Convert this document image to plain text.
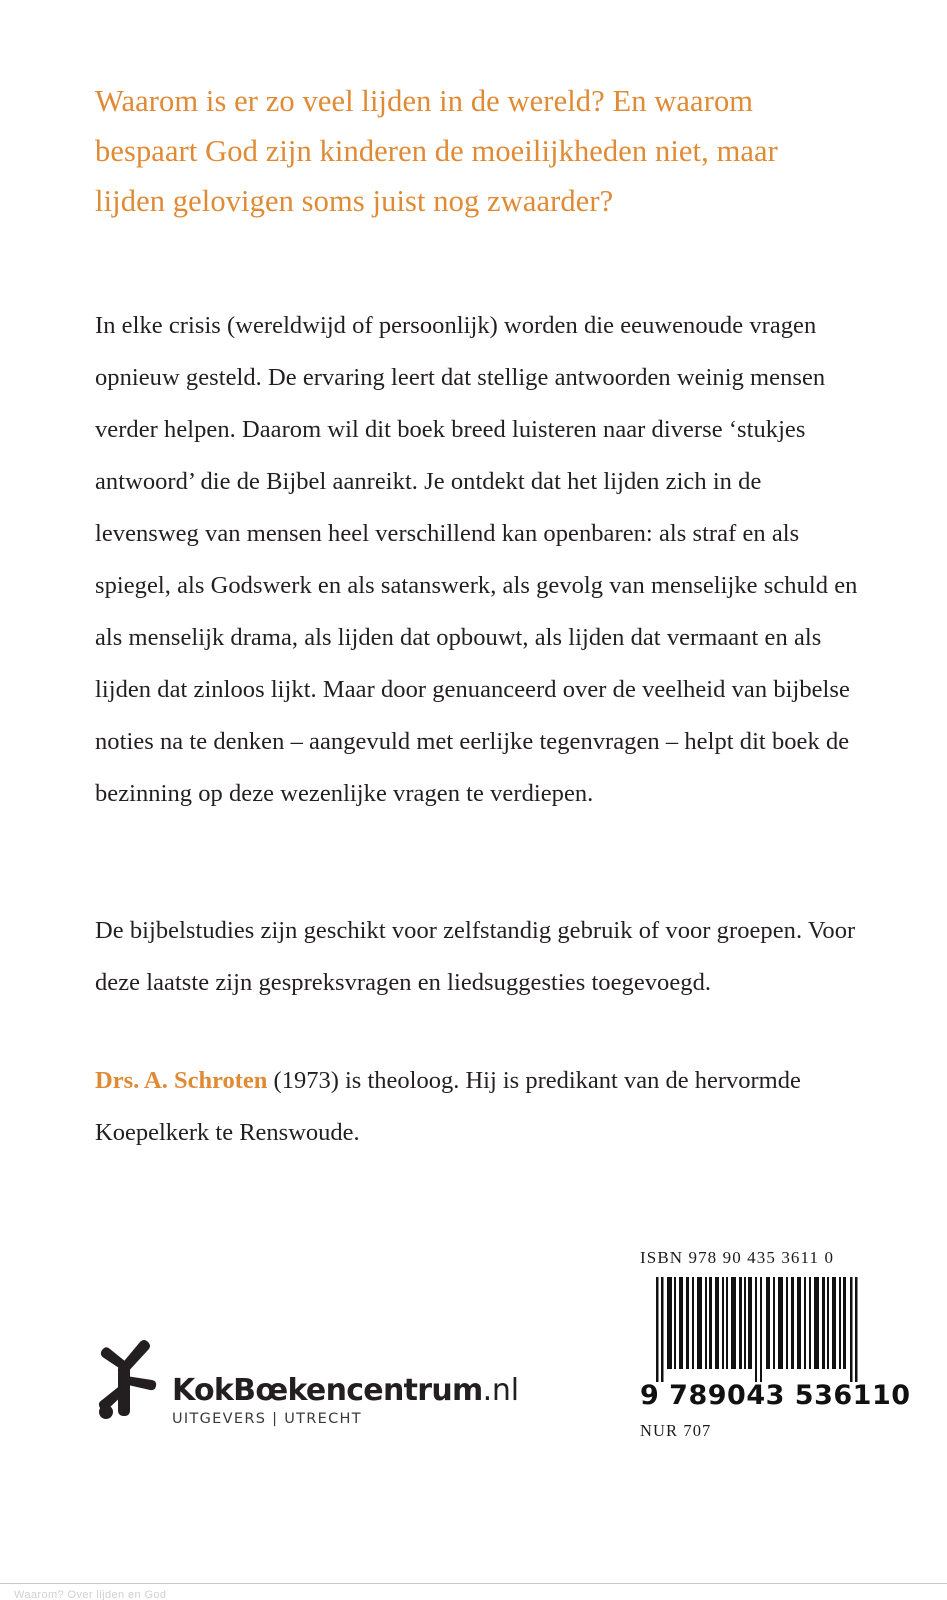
Waarom is er zo veel lijden in de wereld? En waarom bespaart God zijn kinderen de moeilijkheden niet, maar lijden gelovigen soms juist nog zwaarder?
In elke crisis (wereldwijd of persoonlijk) worden die eeuwenoude vragen opnieuw gesteld. De ervaring leert dat stellige antwoorden weinig mensen verder helpen. Daarom wil dit boek breed luisteren naar diverse ‘stukjes antwoord’ die de Bijbel aanreikt. Je ontdekt dat het lijden zich in de levensweg van mensen heel verschillend kan openbaren: als straf en als spiegel, als Godswerk en als satanswerk, als gevolg van menselijke schuld en als menselijk drama, als lijden dat opbouwt, als lijden dat vermaant en als lijden dat zinloos lijkt. Maar door genuanceerd over de veelheid van bijbelse noties na te denken – aangevuld met eerlijke tegenvragen – helpt dit boek de bezinning op deze wezenlijke vragen te verdiepen.
De bijbelstudies zijn geschikt voor zelfstandig gebruik of voor groepen. Voor deze laatste zijn gespreksvragen en liedsuggesties toegevoegd.
Drs. A. Schroten (1973) is theoloog. Hij is predikant van de hervormde Koepelkerk te Renswoude.
KokBœkencentrum.nl
UITGEVERS | UTRECHT
ISBN 978 90 435 3611 0
9 789043 536110
NUR 707
Waarom? Over lijden en God
